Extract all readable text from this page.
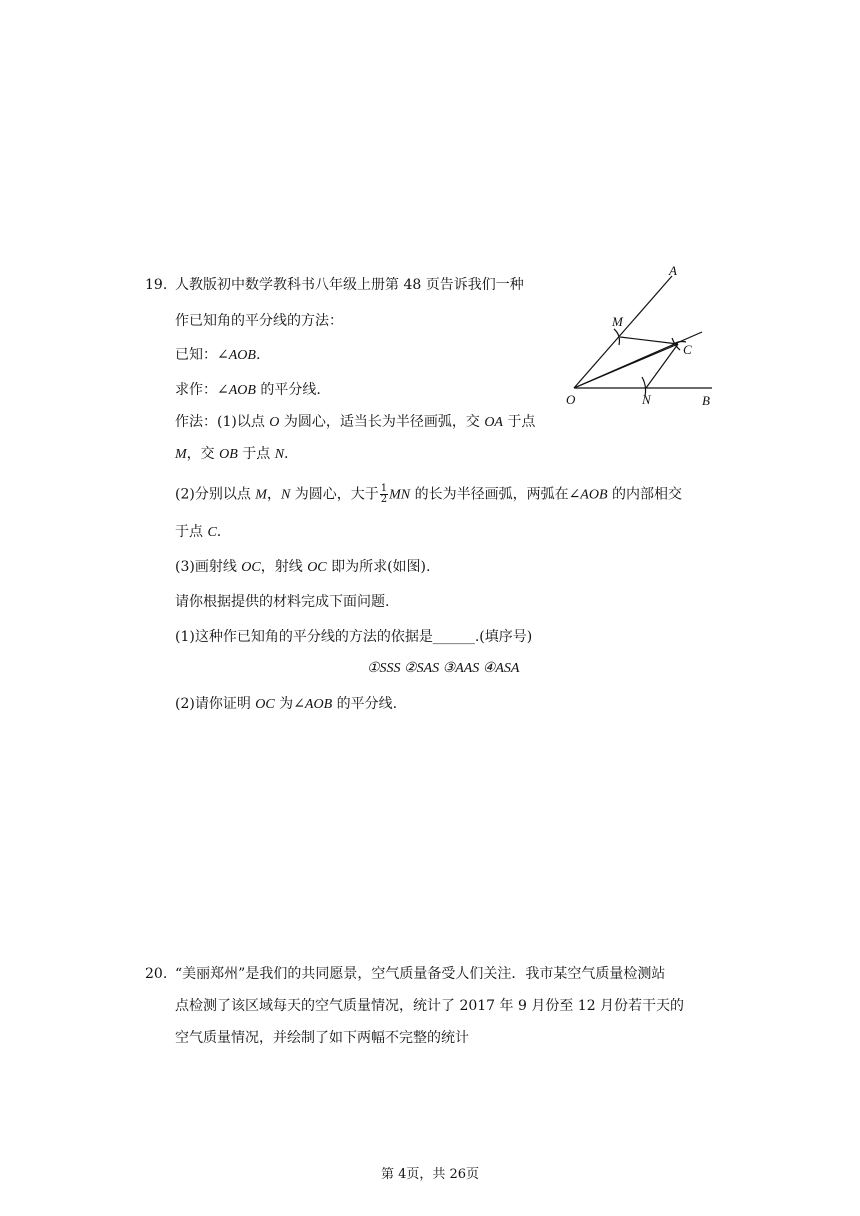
19. 人教版初中数学教科书八年级上册第 48 页告诉我们一种
作已知角的平分线的方法：
已知：∠AOB.
求作：∠AOB 的平分线.
作法：(1)以点 O 为圆心，适当长为半径画弧，交 OA 于点
M，交 OB 于点 N.
(2)分别以点 M，N 为圆心，大于 $\frac{1}{2}$ MN 的长为半径画弧，两弧在∠AOB 的内部相交
于点 C.
(3)画射线 OC，射线 OC 即为所求(如图).
请你根据提供的材料完成下面问题.
(1)这种作已知角的平分线的方法的依据是______.(填序号)
①SSS ②SAS ③AAS ④ASA
(2)请你证明 OC 为∠AOB 的平分线.
A
M
C
O	N	B
20. “美丽郑州”是我们的共同愿景，空气质量备受人们关注．我市某空气质量检测站
点检测了该区域每天的空气质量情况，统计了 2017 年 9 月份至 12 月份若干天的
空气质量情况，并绘制了如下两幅不完整的统计
第 4页，共 26页
